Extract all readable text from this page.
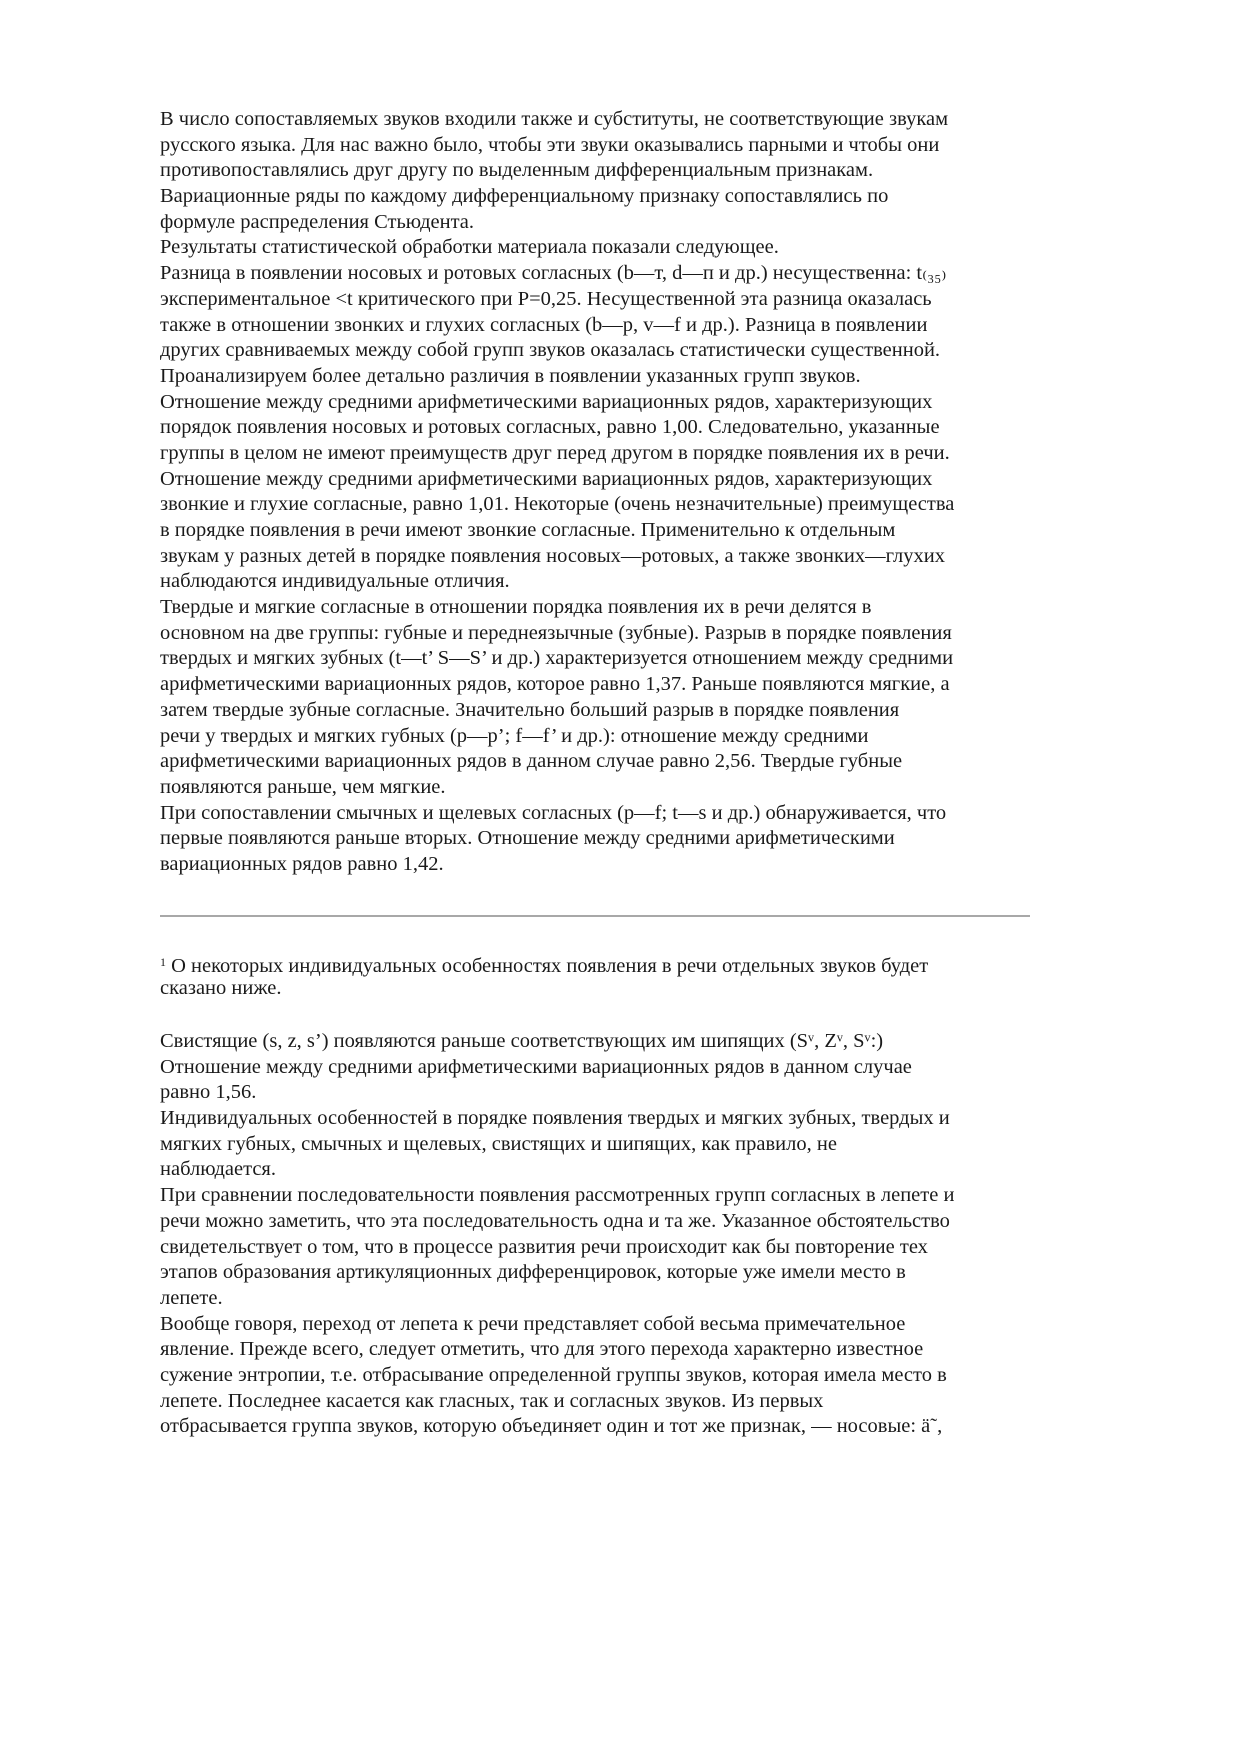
В число сопоставляемых звуков входили также и субституты, не соответствующие звукам
русского языка. Для нас важно было, чтобы эти звуки оказывались парными и чтобы они
противопоставлялись друг другу по выделенным дифференциальным признакам.
Вариационные ряды по каждому дифференциальному признаку сопоставлялись по
формуле распределения Стьюдента.
Результаты статистической обработки материала показали следующее.
Разница в появлении носовых и ротовых согласных (b—т, d—п и др.) несущественна: t₍₃₅₎
экспериментальное <t критического при P=0,25. Несущественной эта разница оказалась
также в отношении звонких и глухих согласных (b—p, v—f и др.). Разница в появлении
других сравниваемых между собой групп звуков оказалась статистически существенной.
Проанализируем более детально различия в появлении указанных групп звуков.
Отношение между средними арифметическими вариационных рядов, характеризующих
порядок появления носовых и ротовых согласных, равно 1,00. Следовательно, указанные
группы в целом не имеют преимуществ друг перед другом в порядке появления их в речи.
Отношение между средними арифметическими вариационных рядов, характеризующих
звонкие и глухие согласные, равно 1,01. Некоторые (очень незначительные) преимущества
в порядке появления в речи имеют звонкие согласные. Применительно к отдельным
звукам у разных детей в порядке появления носовых—ротовых, а также звонких—глухих
наблюдаются индивидуальные отличия.
Твердые и мягкие согласные в отношении порядка появления их в речи делятся в
основном на две группы: губные и переднеязычные (зубные). Разрыв в порядке появления
твердых и мягких зубных (t—t’ S—S’ и др.) характеризуется отношением между средними
арифметическими вариационных рядов, которое равно 1,37. Раньше появляются мягкие, а
затем твердые зубные согласные. Значительно больший разрыв в порядке появления
речи у твердых и мягких губных (p—p’; f—f’ и др.): отношение между средними
арифметическими вариационных рядов в данном случае равно 2,56. Твердые губные
появляются раньше, чем мягкие.
При сопоставлении смычных и щелевых согласных (p—f; t—s и др.) обнаруживается, что
первые появляются раньше вторых. Отношение между средними арифметическими
вариационных рядов равно 1,42.
$^1$ О некоторых индивидуальных особенностях появления в речи отдельных звуков будет
сказано ниже.
Свистящие (s, z, s’) появляются раньше соответствующих им шипящих (Sᵛ, Zᵛ, Sᵛ:)
Отношение между средними арифметическими вариационных рядов в данном случае
равно 1,56.
Индивидуальных особенностей в порядке появления твердых и мягких зубных, твердых и
мягких губных, смычных и щелевых, свистящих и шипящих, как правило, не
наблюдается.
При сравнении последовательности появления рассмотренных групп согласных в лепете и
речи можно заметить, что эта последовательность одна и та же. Указанное обстоятельство
свидетельствует о том, что в процессе развития речи происходит как бы повторение тех
этапов образования артикуляционных дифференцировок, которые уже имели место в
лепете.
Вообще говоря, переход от лепета к речи представляет собой весьма примечательное
явление. Прежде всего, следует отметить, что для этого перехода характерно известное
сужение энтропии, т.е. отбрасывание определенной группы звуков, которая имела место в
лепете. Последнее касается как гласных, так и согласных звуков. Из первых
отбрасывается группа звуков, которую объединяет один и тот же признак, — носовые: ä˜,
